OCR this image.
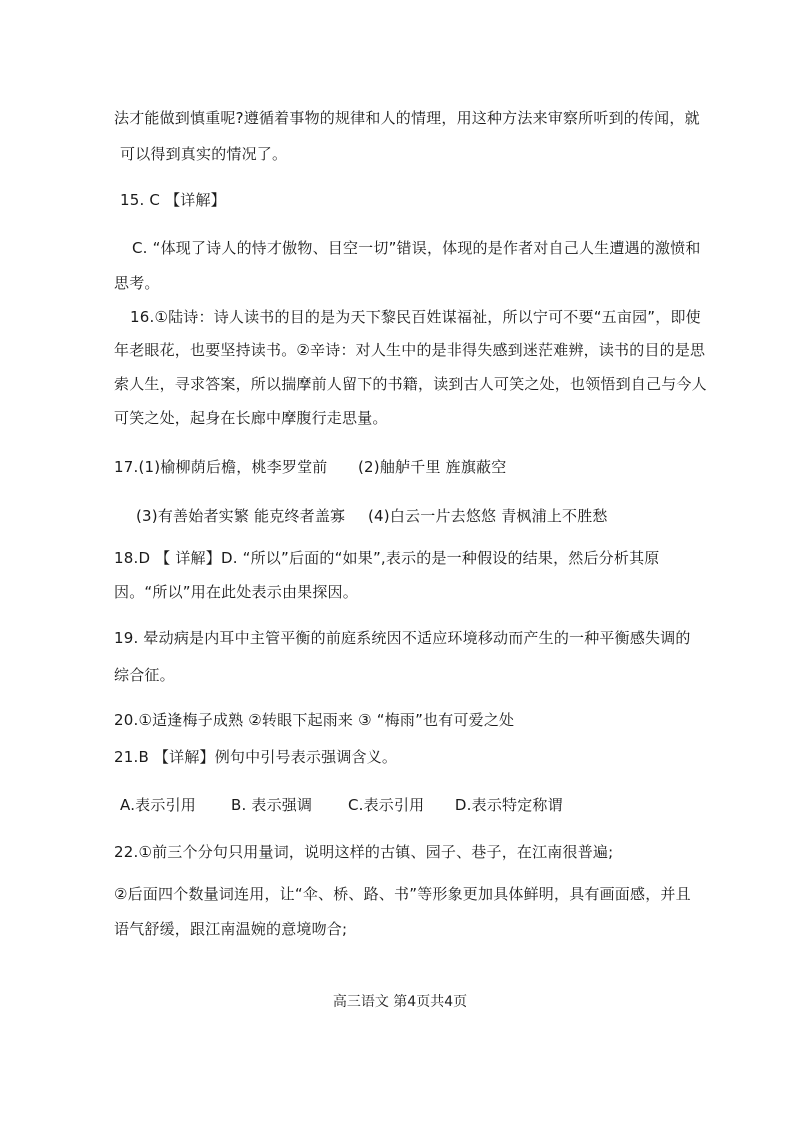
法才能做到慎重呢?遵循着事物的规律和人的情理，用这种方法来审察所听到的传闻，就
可以得到真实的情况了。
15. C 【详解】
C. “体现了诗人的恃才傲物、目空一切”错误，体现的是作者对自己人生遭遇的激愤和
思考。
16.①陆诗：诗人读书的目的是为天下黎民百姓谋福祉，所以宁可不要“五亩园”，即使
年老眼花，也要坚持读书。②辛诗：对人生中的是非得失感到迷茫难辨，读书的目的是思
索人生，寻求答案，所以揣摩前人留下的书籍，读到古人可笑之处，也领悟到自己与今人
可笑之处，起身在长廊中摩腹行走思量。
17.(1)榆柳荫后檐，桃李罗堂前 (2)舳舻千里 旌旗蔽空
(3)有善始者实繁 能克终者盖寡 (4)白云一片去悠悠 青枫浦上不胜愁
18.D 【 详解】D. “所以”后面的“如果”,表示的是一种假设的结果，然后分析其原
因。“所以”用在此处表示由果探因。
19. 晕动病是内耳中主管平衡的前庭系统因不适应环境移动而产生的一种平衡感失调的
综合征。
20.①适逢梅子成熟 ②转眼下起雨来 ③ “梅雨”也有可爱之处
21.B 【详解】例句中引号表示强调含义。
A.表示引用 B. 表示强调 C.表示引用 D.表示特定称谓
22.①前三个分句只用量词，说明这样的古镇、园子、巷子，在江南很普遍;
②后面四个数量词连用，让“伞、桥、路、书”等形象更加具体鲜明，具有画面感，并且
语气舒缓，跟江南温婉的意境吻合;
高三语文 第4页共4页
